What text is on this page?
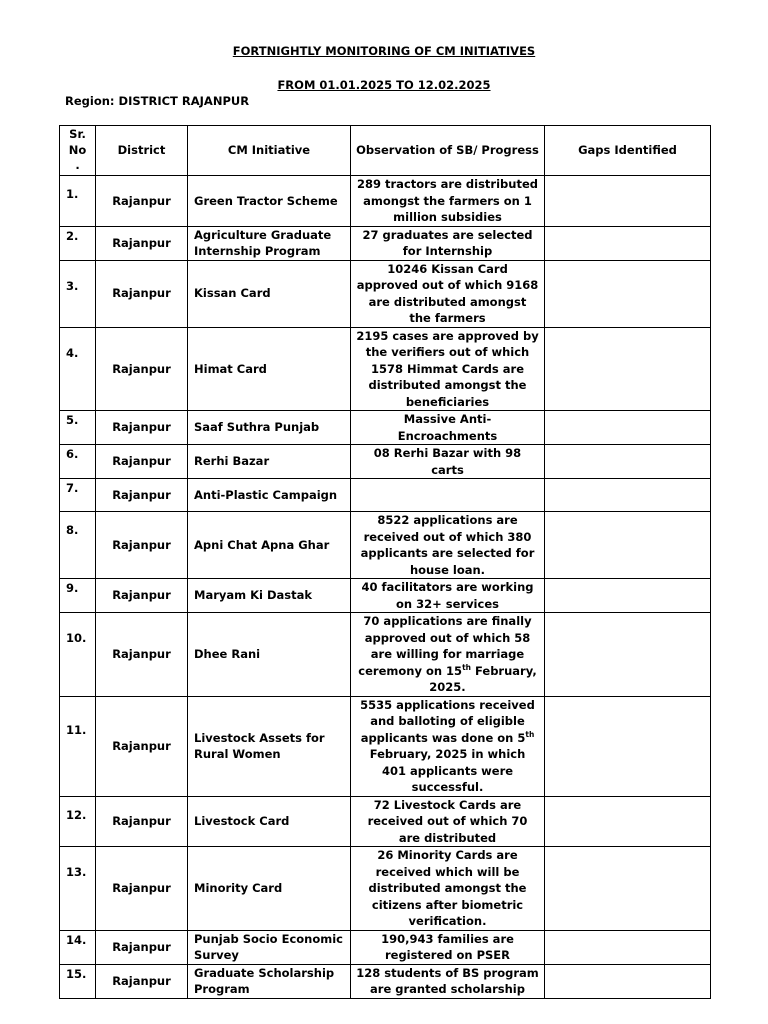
FORTNIGHTLY MONITORING OF CM INITIATIVES
FROM 01.01.2025 TO 12.02.2025
Region: DISTRICT RAJANPUR
Sr.
No
.	District	CM Initiative	Observation of SB/ Progress	Gaps Identified
1.	Rajanpur	Green Tractor Scheme	289 tractors are distributed amongst the farmers on 1 million subsidies	
2.	Rajanpur	Agriculture Graduate Internship Program	27 graduates are selected for Internship	
3.	Rajanpur	Kissan Card	10246 Kissan Card approved out of which 9168 are distributed amongst the farmers	
4.	Rajanpur	Himat Card	2195 cases are approved by the verifiers out of which 1578 Himmat Cards are distributed amongst the beneficiaries	
5.	Rajanpur	Saaf Suthra Punjab	Massive Anti-Encroachments	
6.	Rajanpur	Rerhi Bazar	08 Rerhi Bazar with 98 carts	
7.	Rajanpur	Anti-Plastic Campaign		
8.	Rajanpur	Apni Chat Apna Ghar	8522 applications are received out of which 380 applicants are selected for house loan.	
9.	Rajanpur	Maryam Ki Dastak	40 facilitators are working on 32+ services	
10.	Rajanpur	Dhee Rani	70 applications are finally approved out of which 58 are willing for marriage ceremony on 15th February, 2025.	
11.	Rajanpur	Livestock Assets for Rural Women	5535 applications received and balloting of eligible applicants was done on 5th February, 2025 in which 401 applicants were successful.	
12.	Rajanpur	Livestock Card	72 Livestock Cards are received out of which 70 are distributed	
13.	Rajanpur	Minority Card	26 Minority Cards are received which will be distributed amongst the citizens after biometric verification.	
14.	Rajanpur	Punjab Socio Economic Survey	190,943 families are registered on PSER	
15.	Rajanpur	Graduate Scholarship Program	128 students of BS program are granted scholarship	
